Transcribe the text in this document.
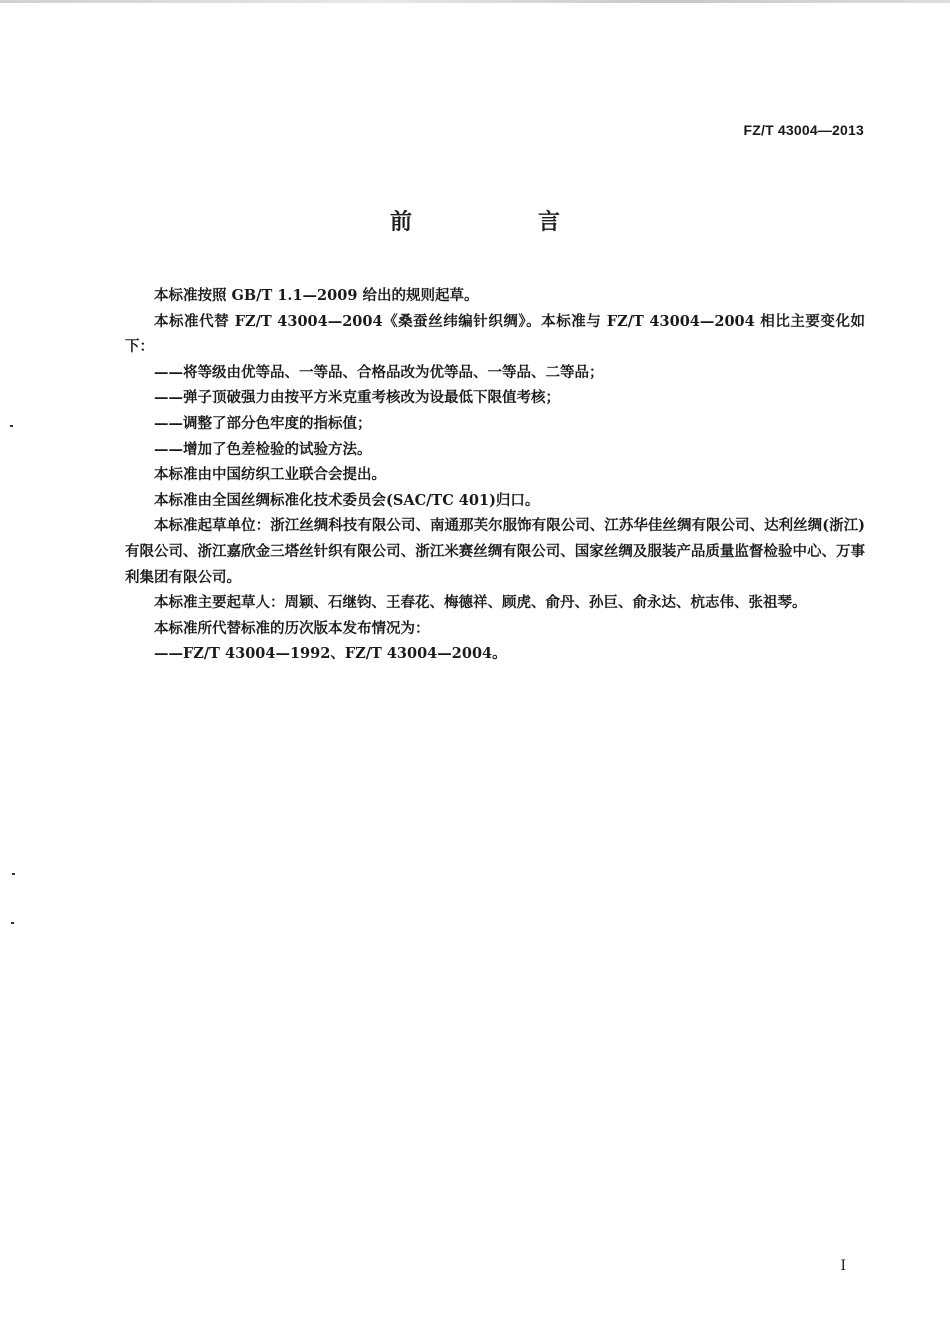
FZ/T 43004—2013
前　言

本标准按照 GB/T 1.1—2009 给出的规则起草。

本标准代替 FZ/T 43004—2004《桑蚕丝纬编针织绸》。本标准与 FZ/T 43004—2004 相比主要变化如下：

——将等级由优等品、一等品、合格品改为优等品、一等品、二等品；

——弹子顶破强力由按平方米克重考核改为设最低下限值考核；

——调整了部分色牢度的指标值；

——增加了色差检验的试验方法。

本标准由中国纺织工业联合会提出。

本标准由全国丝绸标准化技术委员会(SAC/TC 401)归口。

本标准起草单位：浙江丝绸科技有限公司、南通那芙尔服饰有限公司、江苏华佳丝绸有限公司、达利丝绸(浙江)有限公司、浙江嘉欣金三塔丝针织有限公司、浙江米赛丝绸有限公司、国家丝绸及服装产品质量监督检验中心、万事利集团有限公司。

本标准主要起草人：周颖、石继钧、王春花、梅德祥、顾虎、俞丹、孙巨、俞永达、杭志伟、张祖琴。

本标准所代替标准的历次版本发布情况为：

——FZ/T 43004—1992、FZ/T 43004—2004。

I
